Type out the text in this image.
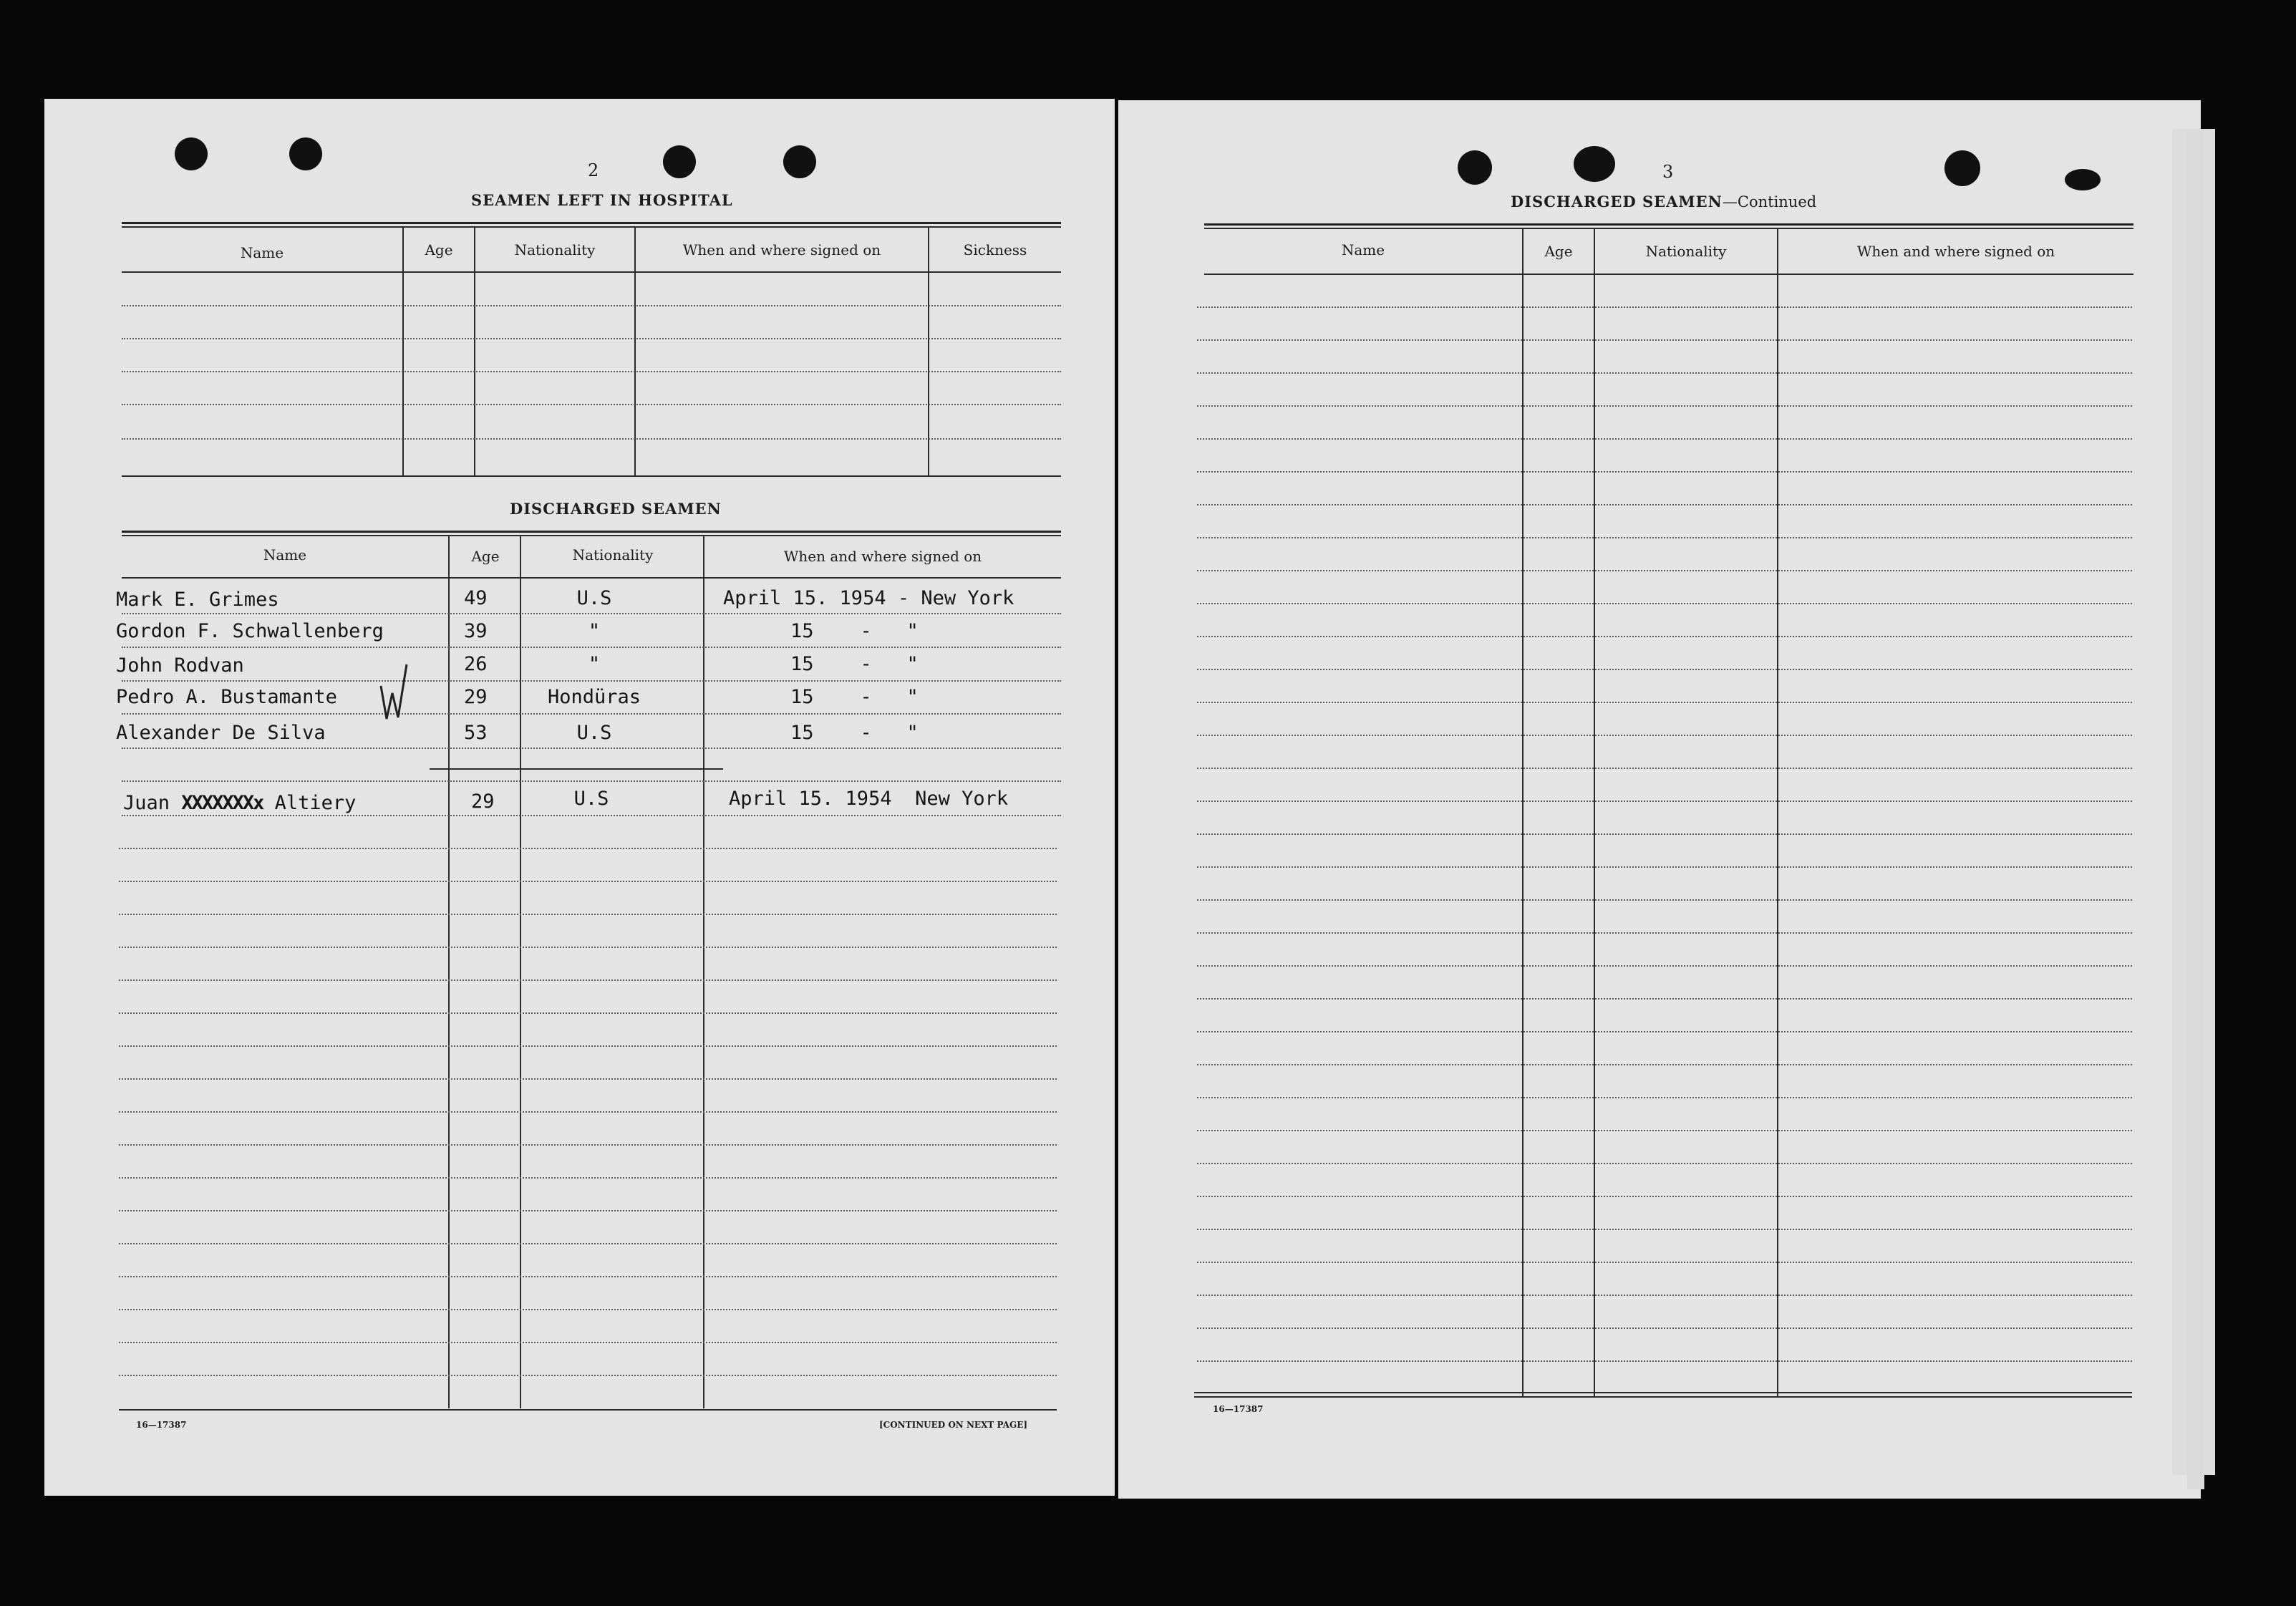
2
SEAMEN LEFT IN HOSPITAL
Name	Age	Nationality	When and where signed on	Sickness
DISCHARGED SEAMEN
Name	Age	Nationality	When and where signed on
Mark E. Grimes	49	U.S	April 15. 1954 - New York
Gordon F. Schwallenberg	39	"	15    -   "
John Rodvan	26	"	15    -   "
Pedro A. Bustamante	29	Hondüras	15    -   "
Alexander De Silva	53	U.S	15    -   "
Juan XXXXXXXx Altiery	29	U.S	April 15. 1954  New York
16—17387	[CONTINUED ON NEXT PAGE]
3
DISCHARGED SEAMEN—Continued
Name	Age	Nationality	When and where signed on
16—17387
